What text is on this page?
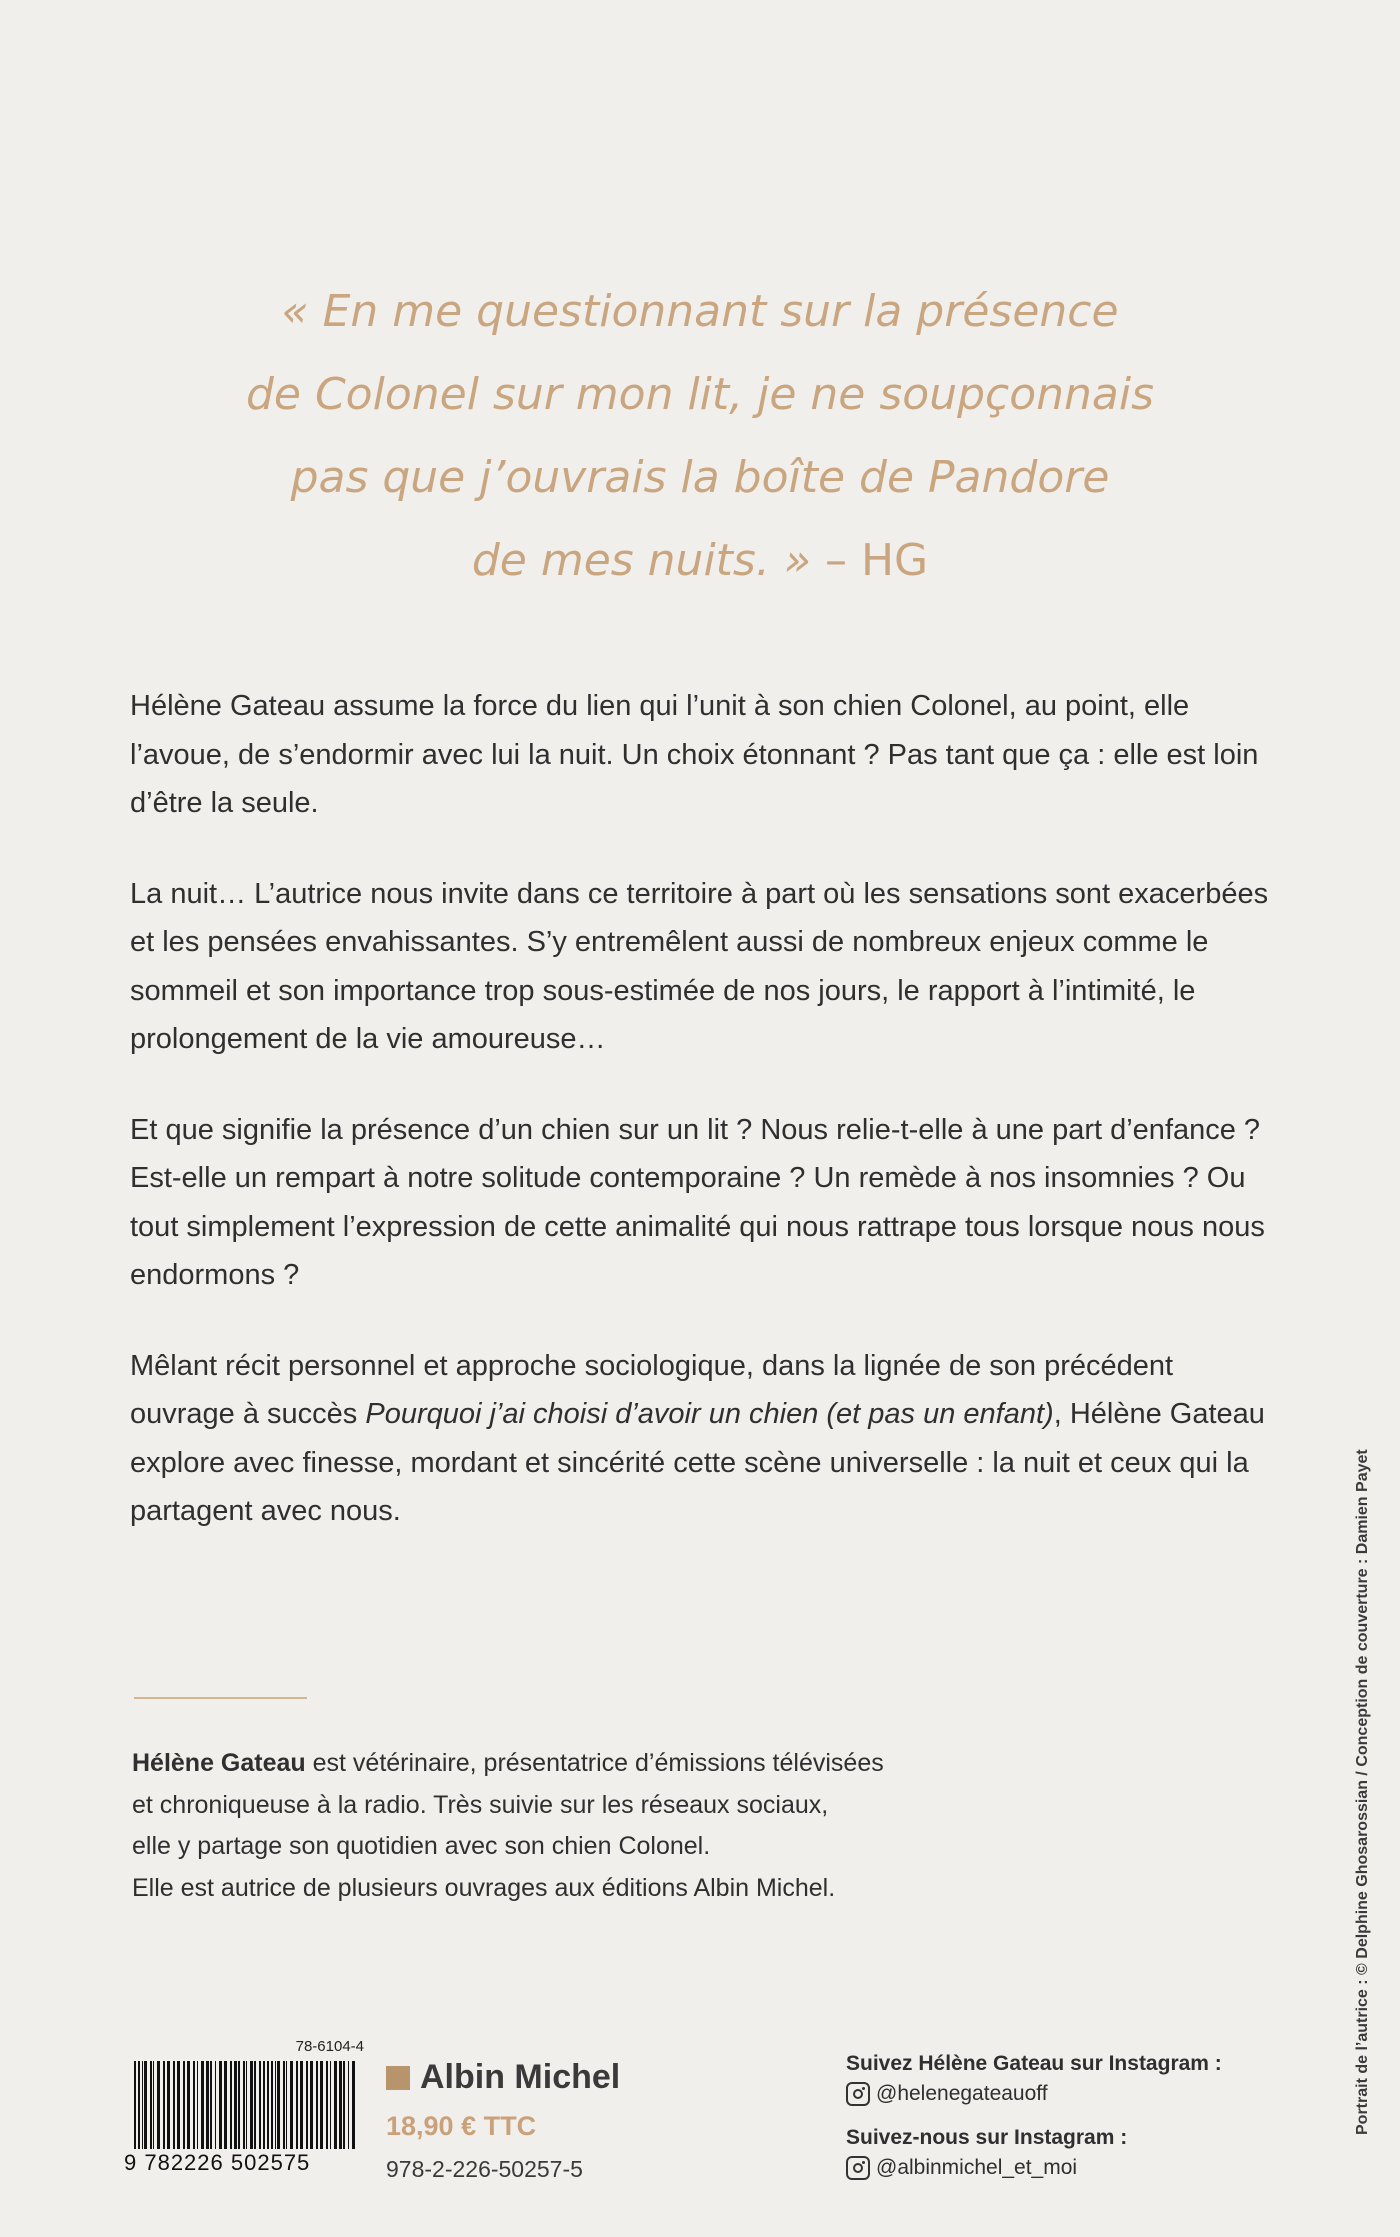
« En me questionnant sur la présence
de Colonel sur mon lit, je ne soupçonnais
pas que j’ouvrais la boîte de Pandore
de mes nuits. » – HG

Hélène Gateau assume la force du lien qui l’unit à son chien Colonel, au point, elle l’avoue, de s’endormir avec lui la nuit. Un choix étonnant ? Pas tant que ça : elle est loin d’être la seule.

La nuit… L’autrice nous invite dans ce territoire à part où les sensations sont exacerbées et les pensées envahissantes. S’y entremêlent aussi de nombreux enjeux comme le sommeil et son importance trop sous-estimée de nos jours, le rapport à l’intimité, le prolongement de la vie amoureuse…

Et que signifie la présence d’un chien sur un lit ? Nous relie-t-elle à une part d’enfance ? Est-elle un rempart à notre solitude contemporaine ? Un remède à nos insomnies ? Ou tout simplement l’expression de cette animalité qui nous rattrape tous lorsque nous nous endormons ?

Mêlant récit personnel et approche sociologique, dans la lignée de son précédent ouvrage à succès Pourquoi j’ai choisi d’avoir un chien (et pas un enfant), Hélène Gateau explore avec finesse, mordant et sincérité cette scène universelle : la nuit et ceux qui la partagent avec nous.

Hélène Gateau est vétérinaire, présentatrice d’émissions télévisées
et chroniqueuse à la radio. Très suivie sur les réseaux sociaux,
elle y partage son quotidien avec son chien Colonel.
Elle est autrice de plusieurs ouvrages aux éditions Albin Michel.
78-6104-4
9 782226 502575
Albin Michel
18,90 € TTC
978-2-226-50257-5
Suivez Hélène Gateau sur Instagram :
@helenegateauoff
Suivez-nous sur Instagram :
@albinmichel_et_moi
Portrait de l’autrice : © Delphine Ghosarossian / Conception de couverture : Damien Payet
